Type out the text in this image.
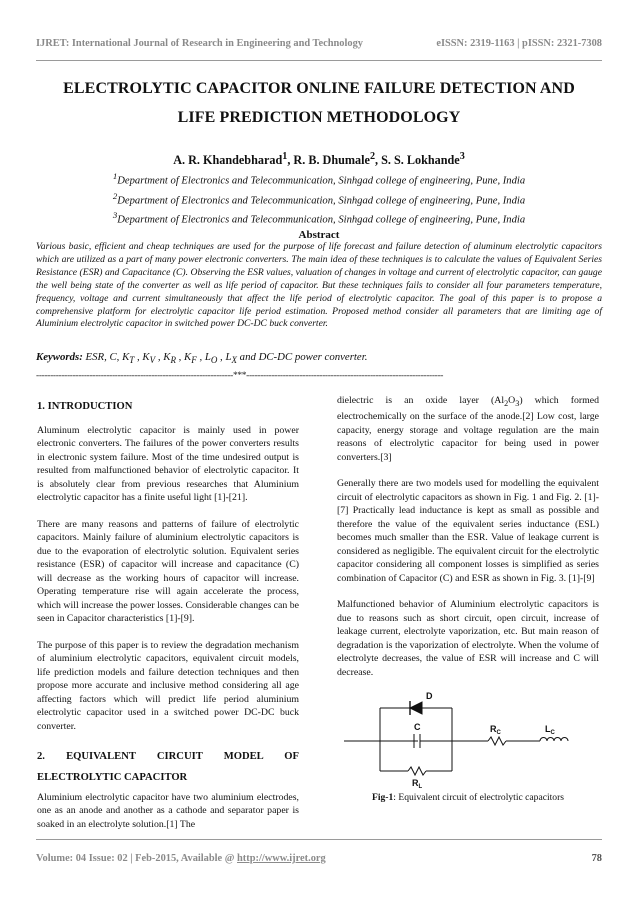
IJRET: International Journal of Research in Engineering and Technology	eISSN: 2319-1163 | pISSN: 2321-7308
ELECTROLYTIC CAPACITOR ONLINE FAILURE DETECTION AND
LIFE PREDICTION METHODOLOGY
A. R. Khandebharad$^1$, R. B. Dhumale$^2$, S. S. Lokhande$^3$
$^1$Department of Electronics and Telecommunication, Sinhgad college of engineering, Pune, India
$^2$Department of Electronics and Telecommunication, Sinhgad college of engineering, Pune, India
$^3$Department of Electronics and Telecommunication, Sinhgad college of engineering, Pune, India
Abstract
Various basic, efficient and cheap techniques are used for the purpose of life forecast and failure detection of aluminum electrolytic capacitors which are utilized as a part of many power electronic converters. The main idea of these techniques is to calculate the values of Equivalent Series Resistance (ESR) and Capacitance (C). Observing the ESR values, valuation of changes in voltage and current of electrolytic capacitor, can gauge the well being state of the converter as well as life period of capacitor. But these techniques fails to consider all four parameters temperature, frequency, voltage and current simultaneously that affect the life period of electrolytic capacitor. The goal of this paper is to propose a comprehensive platform for electrolytic capacitor life period estimation. Proposed method consider all parameters that are limiting age of Aluminium electrolytic capacitor in switched power DC-DC buck converter.
Keywords: ESR, C, $K_T$ , $K_V$ , $K_R$ , $K_F$ , $L_O$ , $L_X$ and DC-DC power converter.
----------------------------------------------------------------------***----------------------------------------------------------------------
1. INTRODUCTION

Aluminum electrolytic capacitor is mainly used in power electronic converters. The failures of the power converters results in electronic system failure. Most of the time undesired output is resulted from malfunctioned behavior of electrolytic capacitor. It is absolutely clear from previous researches that Aluminium electrolytic capacitor has a finite useful light [1]-[21].

There are many reasons and patterns of failure of electrolytic capacitors. Mainly failure of aluminium electrolytic capacitors is due to the evaporation of electrolytic solution. Equivalent series resistance (ESR) of capacitor will increase and capacitance (C) will decrease as the working hours of capacitor will increase. Operating temperature rise will again accelerate the process, which will increase the power losses. Considerable changes can be seen in Capacitor characteristics [1]-[9].

The purpose of this paper is to review the degradation mechanism of aluminium electrolytic capacitors, equivalent circuit models, life prediction models and failure detection techniques and then propose more accurate and inclusive method considering all age affecting factors which will predict life period aluminium electrolytic capacitor used in a switched power DC-DC buck converter.

2. EQUIVALENT CIRCUIT MODEL OF
ELECTROLYTIC CAPACITOR

Aluminium electrolytic capacitor have two aluminium electrodes, one as an anode and another as a cathode and separator paper is soaked in an electrolyte solution.[1] The

dielectric is an oxide layer $(Al_2O_3)$ which formed electrochemically on the surface of the anode.[2] Low cost, large capacity, energy storage and voltage regulation are the main reasons of electrolytic capacitor for being used in power converters.[3]

Generally there are two models used for modelling the equivalent circuit of electrolytic capacitors as shown in Fig. 1 and Fig. 2. [1]-[7] Practically lead inductance is kept as small as possible and therefore the value of the equivalent series inductance (ESL) becomes much smaller than the ESR. Value of leakage current is considered as negligible. The equivalent circuit for the electrolytic capacitor considering all component losses is simplified as series combination of Capacitor (C) and ESR as shown in Fig. 3. [1]-[9]

Malfunctioned behavior of Aluminium electrolytic capacitors is due to reasons such as short circuit, open circuit, increase of leakage current, electrolyte vaporization, etc. But main reason of degradation is the vaporization of electrolyte. When the volume of electrolyte decreases, the value of ESR will increase and C will decrease.

D
C	$R_C$	$L_C$
$R_L$
Fig-1: Equivalent circuit of electrolytic capacitors
Volume: 04 Issue: 02 | Feb-2015, Available @ http://www.ijret.org	78
